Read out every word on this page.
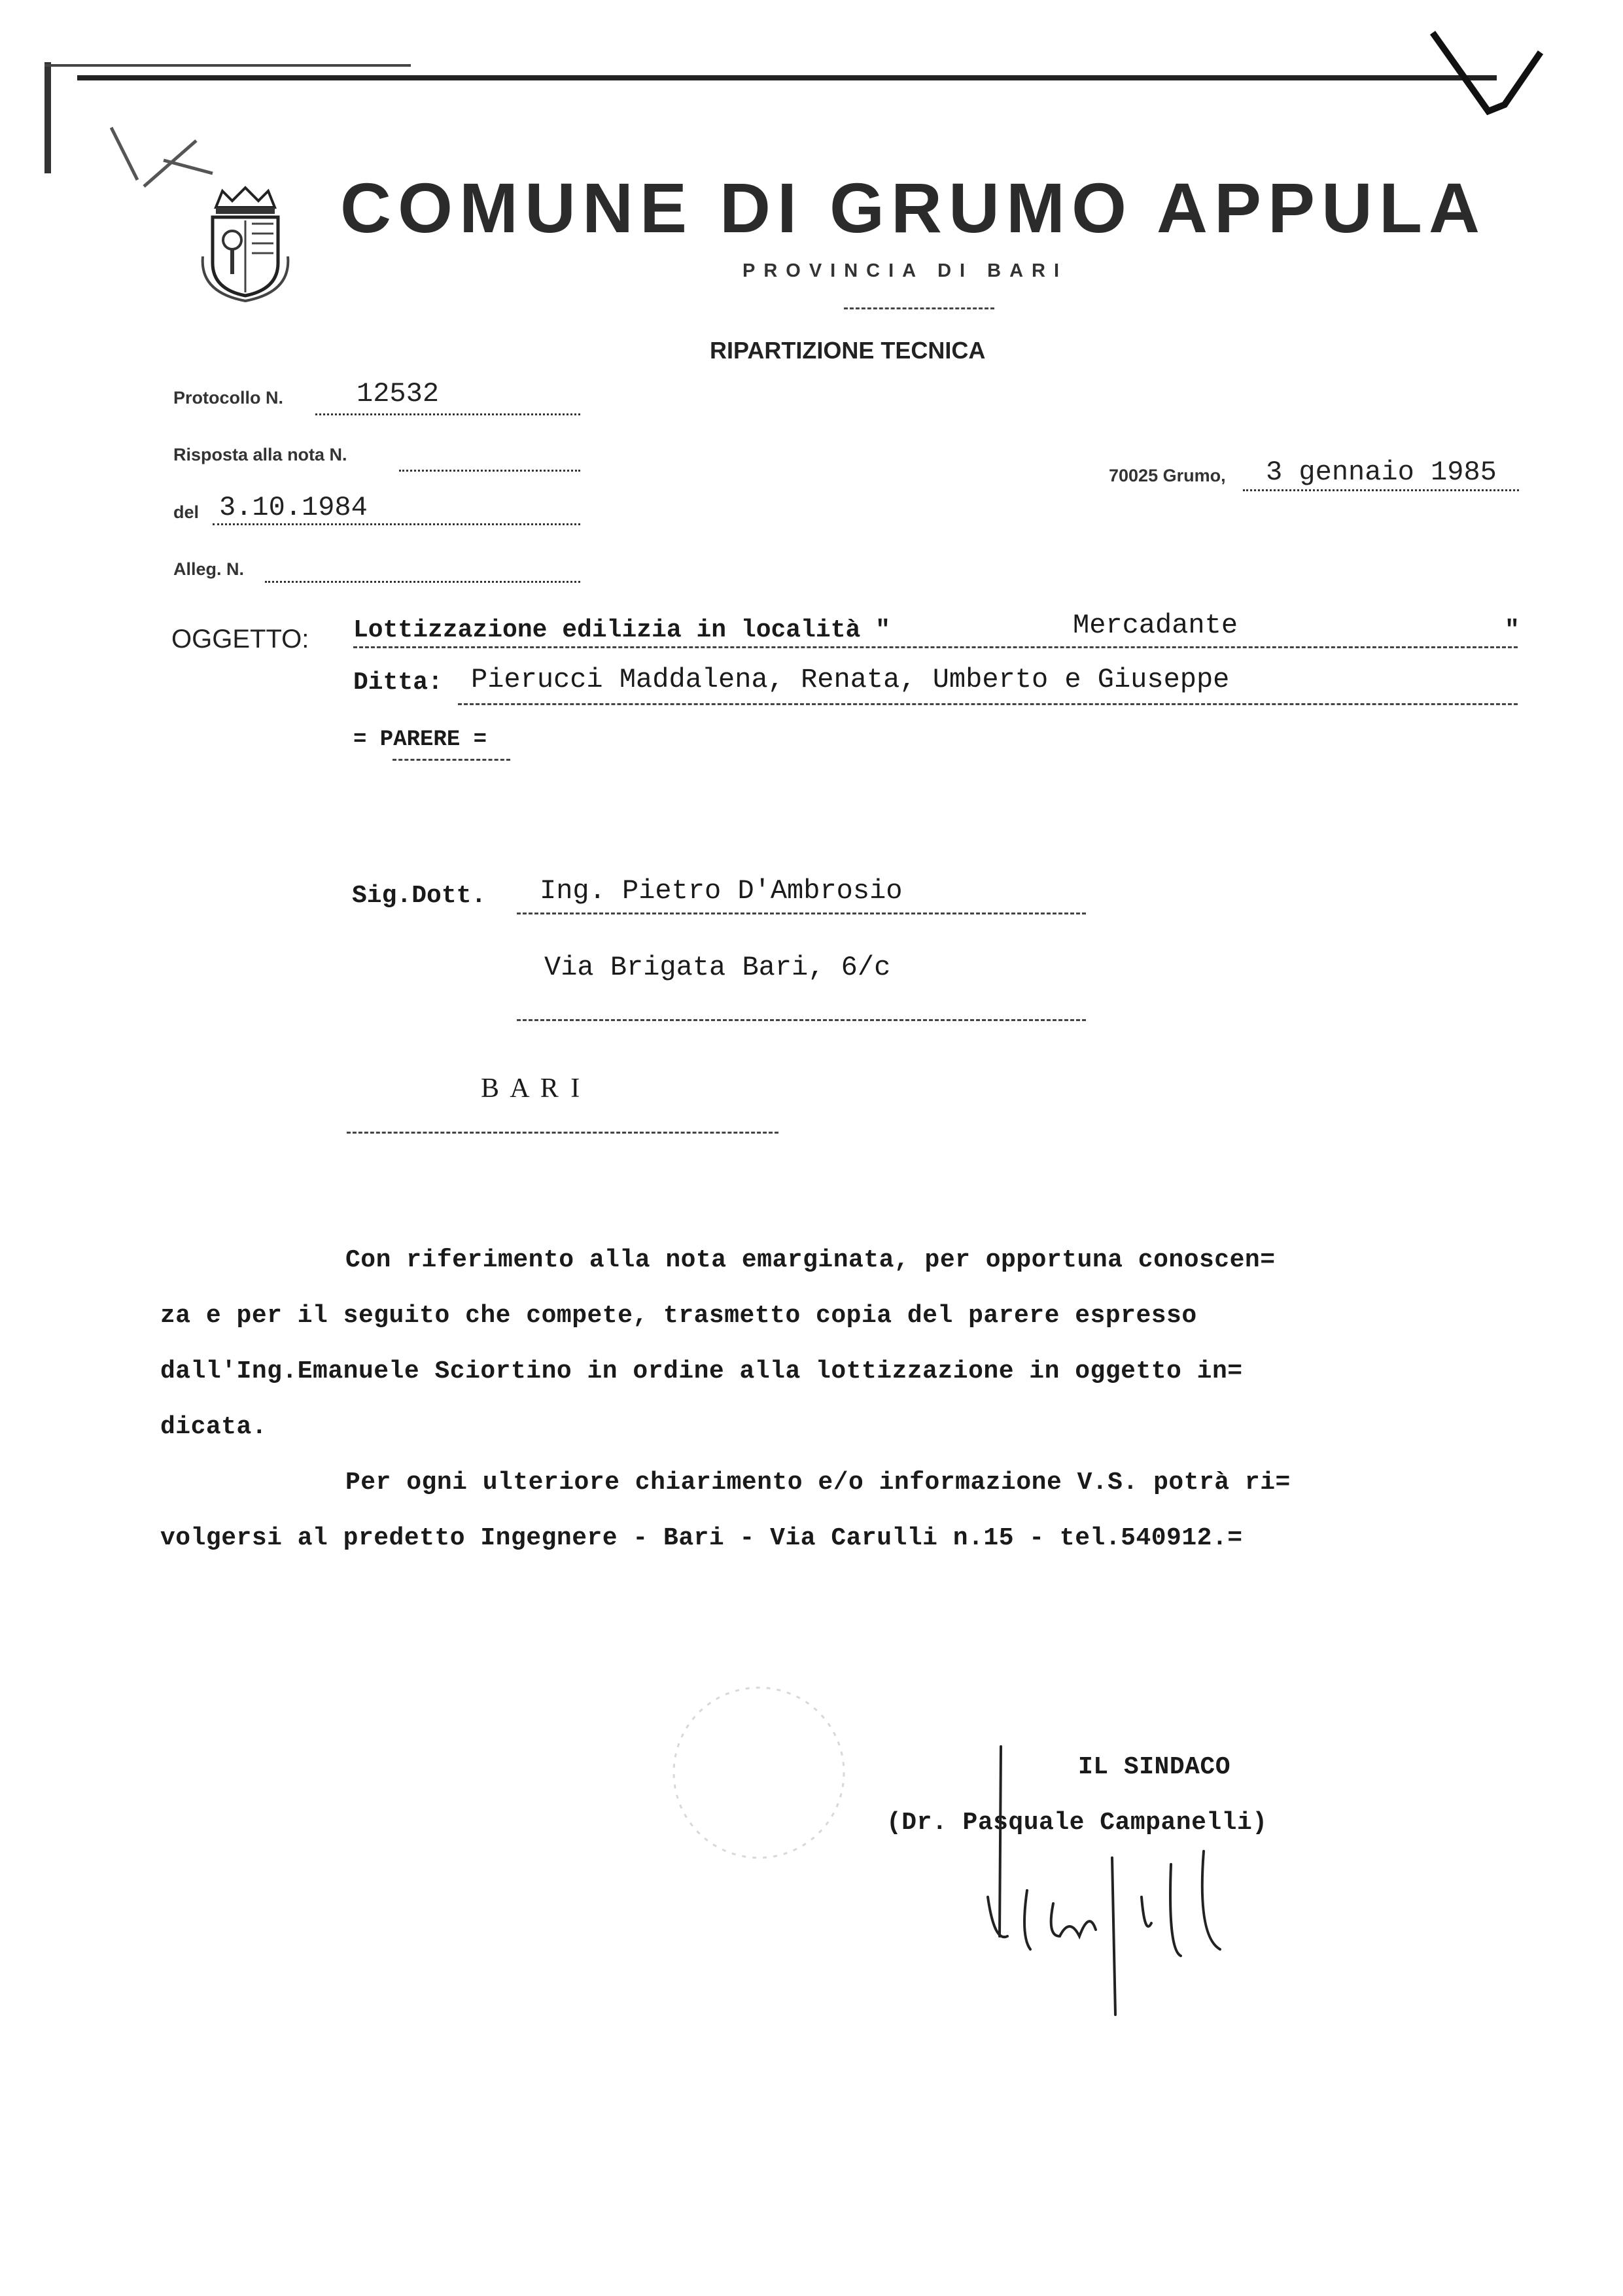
COMUNE DI GRUMO APPULA
PROVINCIA DI BARI
RIPARTIZIONE TECNICA
Protocollo N.	12532
Risposta alla nota N.
del 3.10.1984
Alleg. N.
70025 Grumo, 3 gennaio 1985
OGGETTO: Lottizzazione edilizia in località "	Mercadante	"
Ditta: Pierucci Maddalena, Renata, Umberto e Giuseppe
= PARERE =
Sig.Dott. Ing. Pietro D'Ambrosio
Via Brigata Bari, 6/c
B A R I
Con riferimento alla nota emarginata, per opportuna conoscen=
za e per il seguito che compete, trasmetto copia del parere espresso
dall'Ing.Emanuele Sciortino in ordine alla lottizzazione in oggetto in=
dicata.
Per ogni ulteriore chiarimento e/o informazione V.S. potrà ri=
volgersi al predetto Ingegnere - Bari - Via Carulli n.15 - tel.540912.=
IL SINDACO
(Dr. Pasquale Campanelli)
